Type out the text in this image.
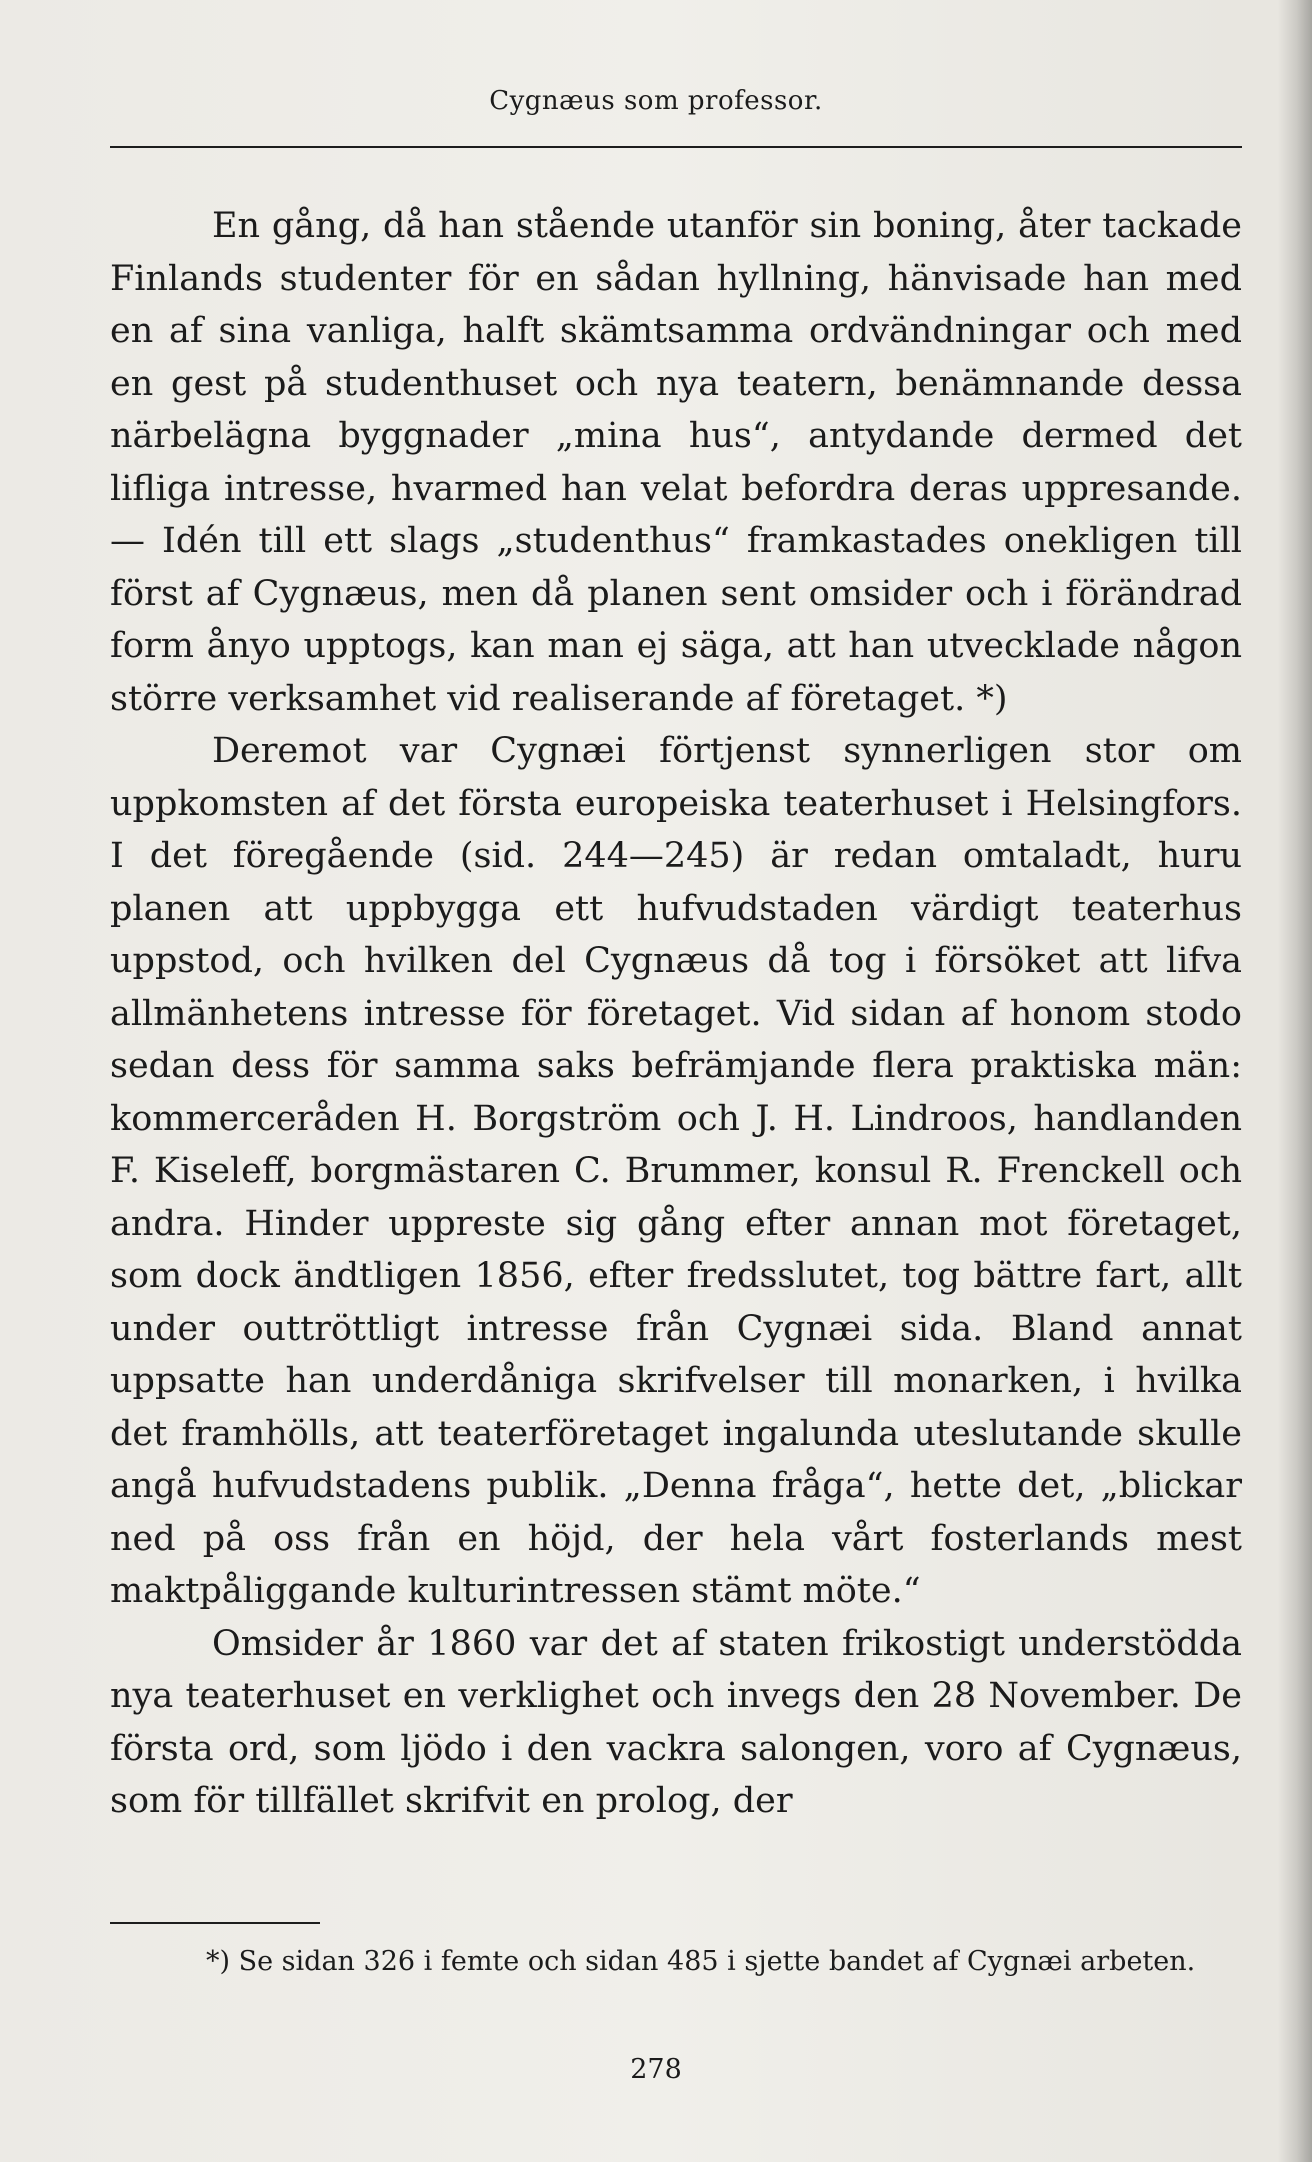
Cygnæus som professor.

En gång, då han stående utanför sin boning, åter tackade Finlands studenter för en sådan hyllning, hänvisade han med en af sina vanliga, halft skämtsamma ordvändningar och med en gest på studenthuset och nya teatern, benämnande dessa närbelägna byggnader „mina hus“, antydande dermed det lifliga intresse, hvarmed han velat befordra deras uppresande. — Idén till ett slags „studenthus“ framkastades onekligen till först af Cygnæus, men då planen sent omsider och i förändrad form ånyo upptogs, kan man ej säga, att han utvecklade någon större verksamhet vid realiserande af företaget. *)

Deremot var Cygnæi förtjenst synnerligen stor om uppkomsten af det första europeiska teaterhuset i Helsingfors. I det föregående (sid. 244—245) är redan omtaladt, huru planen att uppbygga ett hufvudstaden värdigt teaterhus uppstod, och hvilken del Cygnæus då tog i försöket att lifva allmänhetens intresse för företaget. Vid sidan af honom stodo sedan dess för samma saks befrämjande flera praktiska män: kommerceråden H. Borgström och J. H. Lindroos, handlanden F. Kiseleff, borgmästaren C. Brummer, konsul R. Frenckell och andra. Hinder uppreste sig gång efter annan mot företaget, som dock ändtligen 1856, efter fredsslutet, tog bättre fart, allt under outtröttligt intresse från Cygnæi sida. Bland annat uppsatte han underdåniga skrifvelser till monarken, i hvilka det framhölls, att teaterföretaget ingalunda uteslutande skulle angå hufvudstadens publik. „Denna fråga“, hette det, „blickar ned på oss från en höjd, der hela vårt fosterlands mest maktpåliggande kulturintressen stämt möte.“

Omsider år 1860 var det af staten frikostigt understödda nya teaterhuset en verklighet och invegs den 28 November. De första ord, som ljödo i den vackra salongen, voro af Cygnæus, som för tillfället skrifvit en prolog, der

*) Se sidan 326 i femte och sidan 485 i sjette bandet af Cygnæi arbeten.
278
